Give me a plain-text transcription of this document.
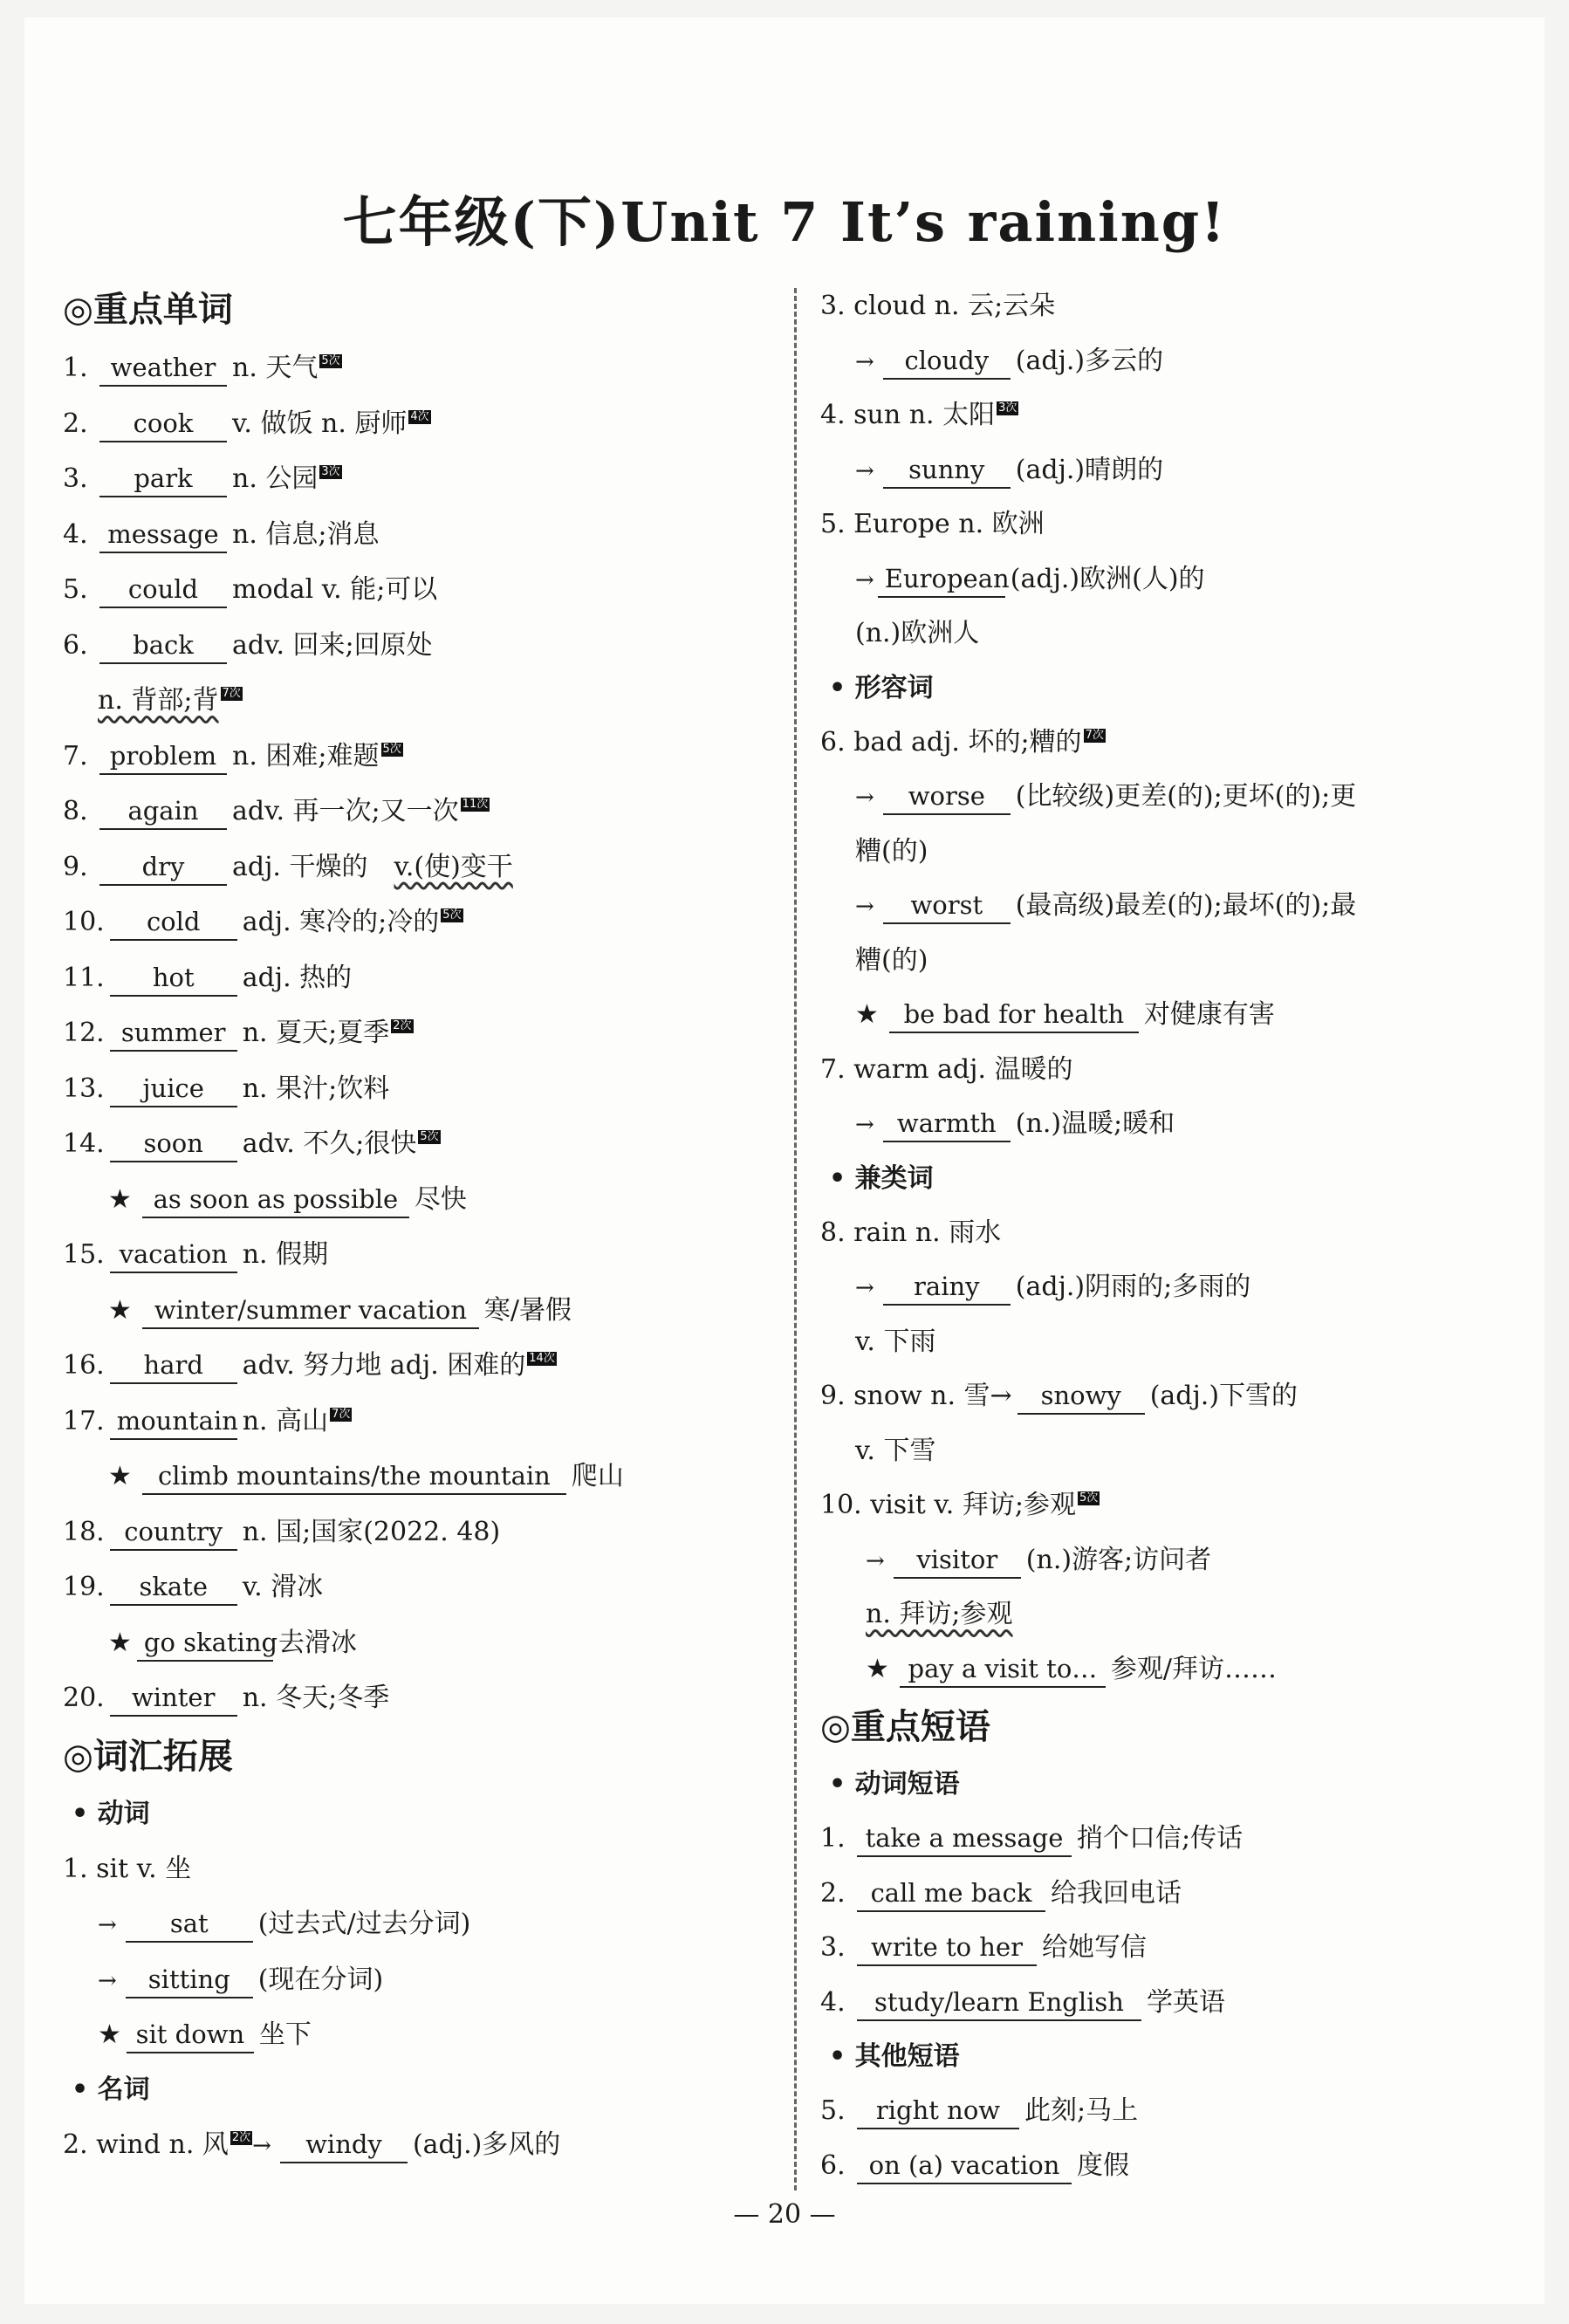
七年级(下)Unit 7 It’s raining!
◎重点单词
1. weather n. 天气 5次
2. cook v. 做饭 n. 厨师 4次
3. park n. 公园 3次
4. message n. 信息;消息
5. could modal v. 能;可以
6. back adv. 回来;回原处
n. 背部;背 7次
7. problem n. 困难;难题 5次
8. again adv. 再一次;又一次 11次
9. dry adj. 干燥的 v.(使)变干
10. cold adj. 寒冷的;冷的 5次
11. hot adj. 热的
12. summer n. 夏天;夏季 2次
13. juice n. 果汁;饮料
14. soon adv. 不久;很快 5次
★ as soon as possible 尽快
15. vacation n. 假期
★ winter/summer vacation 寒/暑假
16. hard adv. 努力地 adj. 困难的 14次
17. mountain n. 高山 7次
★ climb mountains/the mountain 爬山
18. country n. 国;国家(2022. 48)
19. skate v. 滑冰
★ go skating去滑冰
20. winter n. 冬天;冬季
◎词汇拓展
• 动词
1. sit v. 坐
→ sat (过去式/过去分词)
→ sitting (现在分词)
★ sit down 坐下
• 名词
2. wind n. 风 2次→ windy (adj.)多风的
3. cloud n. 云;云朵
→ cloudy (adj.)多云的
4. sun n. 太阳 3次
→ sunny (adj.)晴朗的
5. Europe n. 欧洲
→ European(adj.)欧洲(人)的
(n.)欧洲人
• 形容词
6. bad adj. 坏的;糟的 7次
→ worse (比较级)更差(的);更坏(的);更
糟(的)
→ worst (最高级)最差(的);最坏(的);最
糟(的)
★ be bad for health 对健康有害
7. warm adj. 温暖的
→ warmth (n.)温暖;暖和
• 兼类词
8. rain n. 雨水
→ rainy (adj.)阴雨的;多雨的
v. 下雨
9. snow n. 雪→ snowy (adj.)下雪的
v. 下雪
10. visit v. 拜访;参观 5次
→ visitor (n.)游客;访问者
n. 拜访;参观
★ pay a visit to… 参观/拜访……
◎重点短语
• 动词短语
1. take a message 捎个口信;传话
2. call me back 给我回电话
3. write to her 给她写信
4. study/learn English 学英语
• 其他短语
5. right now 此刻;马上
6. on (a) vacation 度假
— 20 —
